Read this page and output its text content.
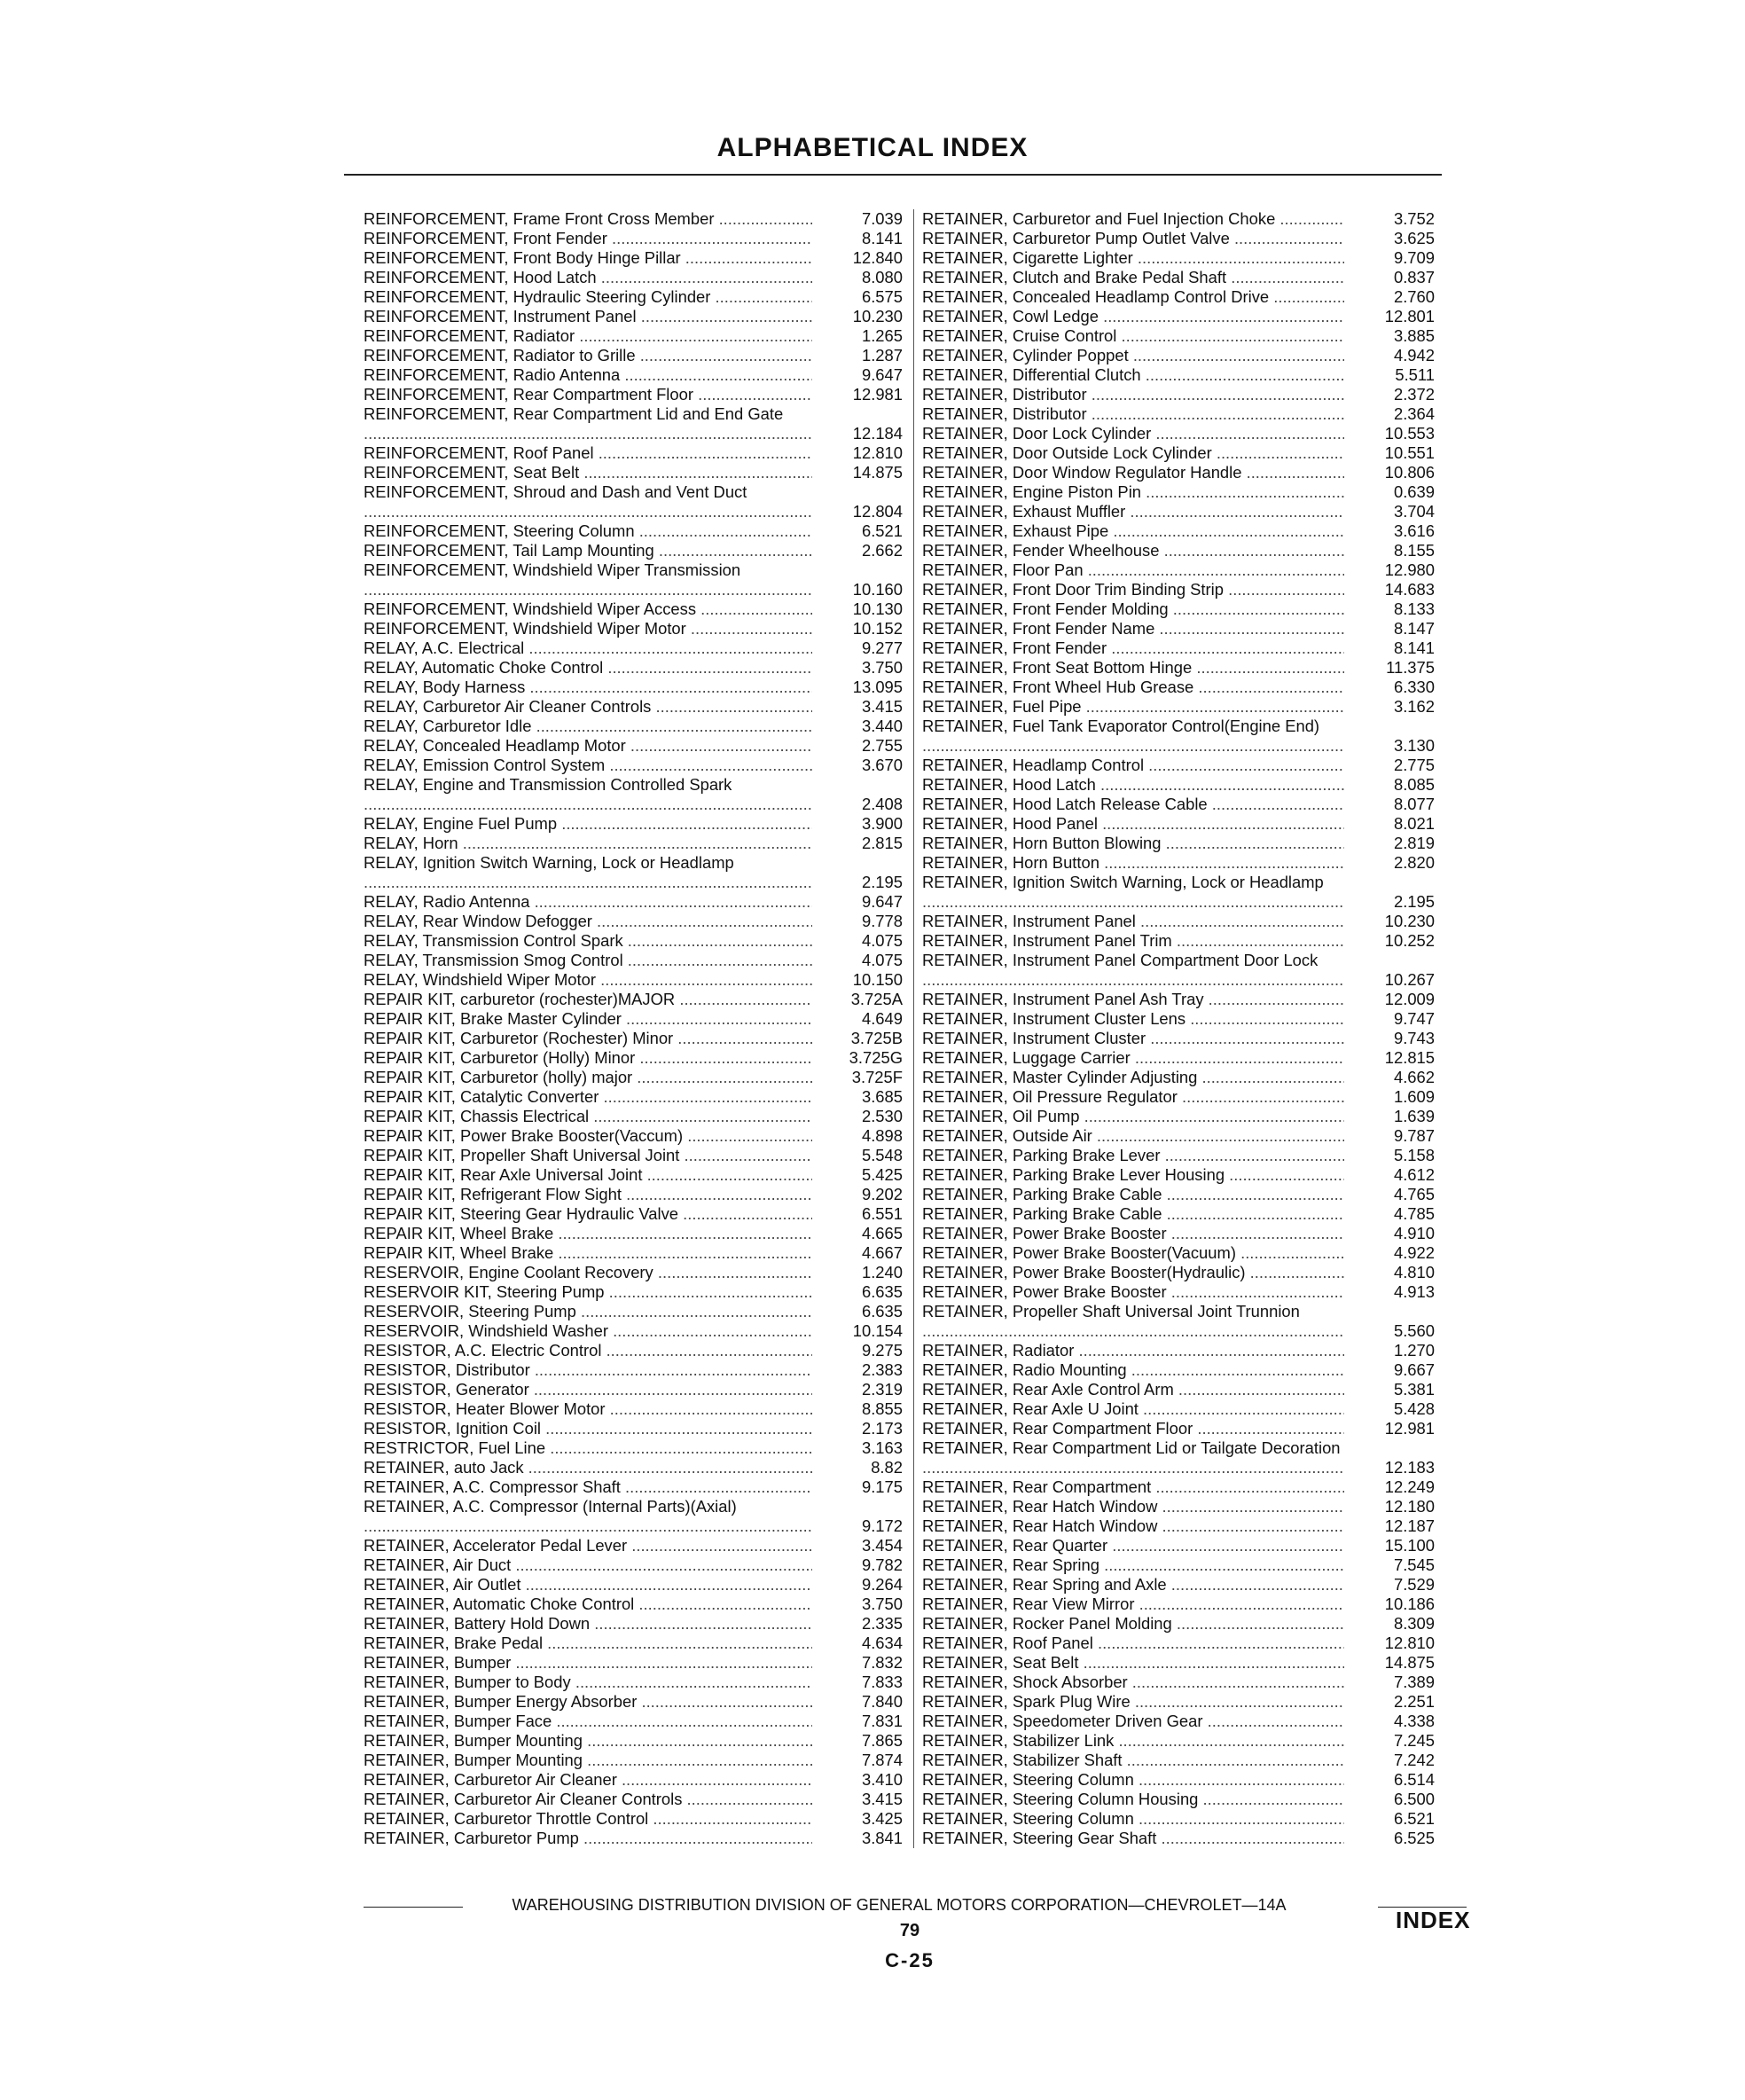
ALPHABETICAL INDEX
REINFORCEMENT, Frame Front Cross Member .....	7.039
REINFORCEMENT, Front Fender .....	8.141
REINFORCEMENT, Front Body Hinge Pillar .....	12.840
REINFORCEMENT, Hood Latch .....	8.080
REINFORCEMENT, Hydraulic Steering Cylinder .....	6.575
REINFORCEMENT, Instrument Panel .....	10.230
REINFORCEMENT, Radiator .....	1.265
REINFORCEMENT, Radiator to Grille .....	1.287
REINFORCEMENT, Radio Antenna .....	9.647
REINFORCEMENT, Rear Compartment Floor .....	12.981
REINFORCEMENT, Rear Compartment Lid and End Gate .....
12.184
REINFORCEMENT, Roof Panel .....	12.810
REINFORCEMENT, Seat Belt .....	14.875
REINFORCEMENT, Shroud and Dash and Vent Duct .....
12.804
REINFORCEMENT, Steering Column .....	6.521
REINFORCEMENT, Tail Lamp Mounting .....	2.662
REINFORCEMENT, Windshield Wiper Transmission .....
10.160
REINFORCEMENT, Windshield Wiper Access .....	10.130
REINFORCEMENT, Windshield Wiper Motor .....	10.152
RELAY, A.C. Electrical .....	9.277
RELAY, Automatic Choke Control .....	3.750
RELAY, Body Harness .....	13.095
RELAY, Carburetor Air Cleaner Controls .....	3.415
RELAY, Carburetor Idle .....	3.440
RELAY, Concealed Headlamp Motor .....	2.755
RELAY, Emission Control System .....	3.670
RELAY, Engine and Transmission Controlled Spark .....
2.408
RELAY, Engine Fuel Pump .....	3.900
RELAY, Horn .....	2.815
RELAY, Ignition Switch Warning, Lock or Headlamp .....
2.195
RELAY, Radio Antenna .....	9.647
RELAY, Rear Window Defogger .....	9.778
RELAY, Transmission Control Spark .....	4.075
RELAY, Transmission Smog Control .....	4.075
RELAY, Windshield Wiper Motor .....	10.150
REPAIR KIT, carburetor (rochester)MAJOR .....	3.725A
REPAIR KIT, Brake Master Cylinder .....	4.649
REPAIR KIT, Carburetor (Rochester) Minor .....	3.725B
REPAIR KIT, Carburetor (Holly) Minor .....	3.725G
REPAIR KIT, Carburetor (holly) major .....	3.725F
REPAIR KIT, Catalytic Converter .....	3.685
REPAIR KIT, Chassis Electrical .....	2.530
REPAIR KIT, Power Brake Booster(Vaccum) .....	4.898
REPAIR KIT, Propeller Shaft Universal Joint .....	5.548
REPAIR KIT, Rear Axle Universal Joint .....	5.425
REPAIR KIT, Refrigerant Flow Sight .....	9.202
REPAIR KIT, Steering Gear Hydraulic Valve .....	6.551
REPAIR KIT, Wheel Brake .....	4.665
REPAIR KIT, Wheel Brake .....	4.667
RESERVOIR, Engine Coolant Recovery .....	1.240
RESERVOIR KIT, Steering Pump .....	6.635
RESERVOIR, Steering Pump .....	6.635
RESERVOIR, Windshield Washer .....	10.154
RESISTOR, A.C. Electric Control .....	9.275
RESISTOR, Distributor .....	2.383
RESISTOR, Generator .....	2.319
RESISTOR, Heater Blower Motor .....	8.855
RESISTOR, Ignition Coil .....	2.173
RESTRICTOR, Fuel Line .....	3.163
RETAINER, auto Jack .....	8.82
RETAINER, A.C. Compressor Shaft .....	9.175
RETAINER, A.C. Compressor (Internal Parts)(Axial) .....
9.172
RETAINER, Accelerator Pedal Lever .....	3.454
RETAINER, Air Duct .....	9.782
RETAINER, Air Outlet .....	9.264
RETAINER, Automatic Choke Control .....	3.750
RETAINER, Battery Hold Down .....	2.335
RETAINER, Brake Pedal .....	4.634
RETAINER, Bumper .....	7.832
RETAINER, Bumper to Body .....	7.833
RETAINER, Bumper Energy Absorber .....	7.840
RETAINER, Bumper Face .....	7.831
RETAINER, Bumper Mounting .....	7.865
RETAINER, Bumper Mounting .....	7.874
RETAINER, Carburetor Air Cleaner .....	3.410
RETAINER, Carburetor Air Cleaner Controls .....	3.415
RETAINER, Carburetor Throttle Control .....	3.425
RETAINER, Carburetor Pump .....	3.841
RETAINER, Carburetor and Fuel Injection Choke .....	3.752
RETAINER, Carburetor Pump Outlet Valve .....	3.625
RETAINER, Cigarette Lighter .....	9.709
RETAINER, Clutch and Brake Pedal Shaft .....	0.837
RETAINER, Concealed Headlamp Control Drive .....	2.760
RETAINER, Cowl Ledge .....	12.801
RETAINER, Cruise Control .....	3.885
RETAINER, Cylinder Poppet .....	4.942
RETAINER, Differential Clutch .....	5.511
RETAINER, Distributor .....	2.372
RETAINER, Distributor .....	2.364
RETAINER, Door Lock Cylinder .....	10.553
RETAINER, Door Outside Lock Cylinder .....	10.551
RETAINER, Door Window Regulator Handle .....	10.806
RETAINER, Engine Piston Pin .....	0.639
RETAINER, Exhaust Muffler .....	3.704
RETAINER, Exhaust Pipe .....	3.616
RETAINER, Fender Wheelhouse .....	8.155
RETAINER, Floor Pan .....	12.980
RETAINER, Front Door Trim Binding Strip .....	14.683
RETAINER, Front Fender Molding .....	8.133
RETAINER, Front Fender Name .....	8.147
RETAINER, Front Fender .....	8.141
RETAINER, Front Seat Bottom Hinge .....	11.375
RETAINER, Front Wheel Hub Grease .....	6.330
RETAINER, Fuel Pipe .....	3.162
RETAINER, Fuel Tank Evaporator Control(Engine End) .....
3.130
RETAINER, Headlamp Control .....	2.775
RETAINER, Hood Latch .....	8.085
RETAINER, Hood Latch Release Cable .....	8.077
RETAINER, Hood Panel .....	8.021
RETAINER, Horn Button Blowing .....	2.819
RETAINER, Horn Button .....	2.820
RETAINER, Ignition Switch Warning, Lock or Headlamp .....
2.195
RETAINER, Instrument Panel .....	10.230
RETAINER, Instrument Panel Trim .....	10.252
RETAINER, Instrument Panel Compartment Door Lock .....
10.267
RETAINER, Instrument Panel Ash Tray .....	12.009
RETAINER, Instrument Cluster Lens .....	9.747
RETAINER, Instrument Cluster .....	9.743
RETAINER, Luggage Carrier .....	12.815
RETAINER, Master Cylinder Adjusting .....	4.662
RETAINER, Oil Pressure Regulator .....	1.609
RETAINER, Oil Pump .....	1.639
RETAINER, Outside Air .....	9.787
RETAINER, Parking Brake Lever .....	5.158
RETAINER, Parking Brake Lever Housing .....	4.612
RETAINER, Parking Brake Cable .....	4.765
RETAINER, Parking Brake Cable .....	4.785
RETAINER, Power Brake Booster .....	4.910
RETAINER, Power Brake Booster(Vacuum) .....	4.922
RETAINER, Power Brake Booster(Hydraulic) .....	4.810
RETAINER, Power Brake Booster .....	4.913
RETAINER, Propeller Shaft Universal Joint Trunnion .....
5.560
RETAINER, Radiator .....	1.270
RETAINER, Radio Mounting .....	9.667
RETAINER, Rear Axle Control Arm .....	5.381
RETAINER, Rear Axle U Joint .....	5.428
RETAINER, Rear Compartment Floor .....	12.981
RETAINER, Rear Compartment Lid or Tailgate Decoration .....
12.183
RETAINER, Rear Compartment .....	12.249
RETAINER, Rear Hatch Window .....	12.180
RETAINER, Rear Hatch Window .....	12.187
RETAINER, Rear Quarter .....	15.100
RETAINER, Rear Spring .....	7.545
RETAINER, Rear Spring and Axle .....	7.529
RETAINER, Rear View Mirror .....	10.186
RETAINER, Rocker Panel Molding .....	8.309
RETAINER, Roof Panel .....	12.810
RETAINER, Seat Belt .....	14.875
RETAINER, Shock Absorber .....	7.389
RETAINER, Spark Plug Wire .....	2.251
RETAINER, Speedometer Driven Gear .....	4.338
RETAINER, Stabilizer Link .....	7.245
RETAINER, Stabilizer Shaft .....	7.242
RETAINER, Steering Column .....	6.514
RETAINER, Steering Column Housing .....	6.500
RETAINER, Steering Column .....	6.521
RETAINER, Steering Gear Shaft .....	6.525
WAREHOUSING DISTRIBUTION DIVISION OF GENERAL MOTORS CORPORATION—CHEVROLET—14A
INDEX
79
C-25
